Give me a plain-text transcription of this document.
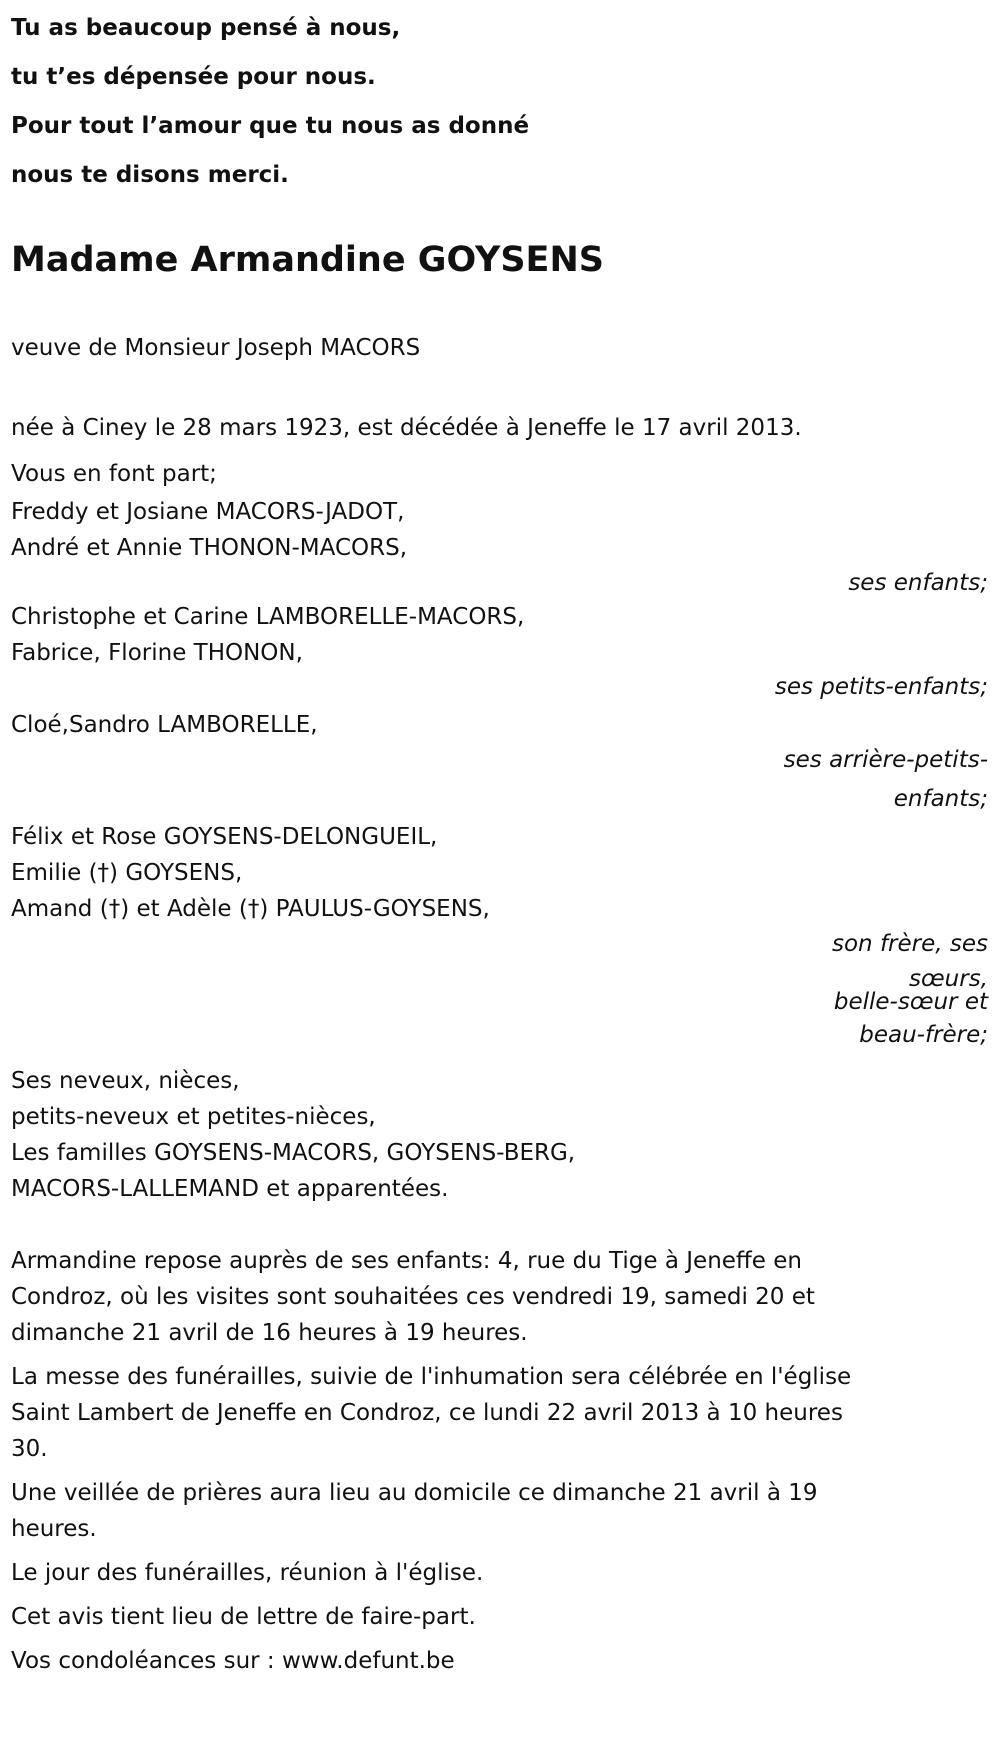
Tu as beaucoup pensé à nous,
tu t’es dépensée pour nous.
Pour tout l’amour que tu nous as donné
nous te disons merci.
Madame Armandine GOYSENS
veuve de Monsieur Joseph MACORS
née à Ciney le 28 mars 1923, est décédée à Jeneffe le 17 avril 2013.
Vous en font part;
Freddy et Josiane MACORS-JADOT,
André et Annie THONON-MACORS,
ses enfants;
Christophe et Carine LAMBORELLE-MACORS,
Fabrice, Florine THONON,
ses petits-enfants;
Cloé,Sandro LAMBORELLE,
ses arrière-petits-
enfants;
Félix et Rose GOYSENS-DELONGUEIL,
Emilie (†) GOYSENS,
Amand (†) et Adèle (†) PAULUS-GOYSENS,
son frère, ses
sœurs,
belle-sœur et
beau-frère;
Ses neveux, nièces,
petits-neveux et petites-nièces,
Les familles GOYSENS-MACORS, GOYSENS-BERG,
MACORS-LALLEMAND et apparentées.
Armandine repose auprès de ses enfants: 4, rue du Tige à Jeneffe en
Condroz, où les visites sont souhaitées ces vendredi 19, samedi 20 et
dimanche 21 avril de 16 heures à 19 heures.
La messe des funérailles, suivie de l'inhumation sera célébrée en l'église
Saint Lambert de Jeneffe en Condroz, ce lundi 22 avril 2013 à 10 heures
30.
Une veillée de prières aura lieu au domicile ce dimanche 21 avril à 19
heures.
Le jour des funérailles, réunion à l'église.
Cet avis tient lieu de lettre de faire-part.
Vos condoléances sur : www.defunt.be
